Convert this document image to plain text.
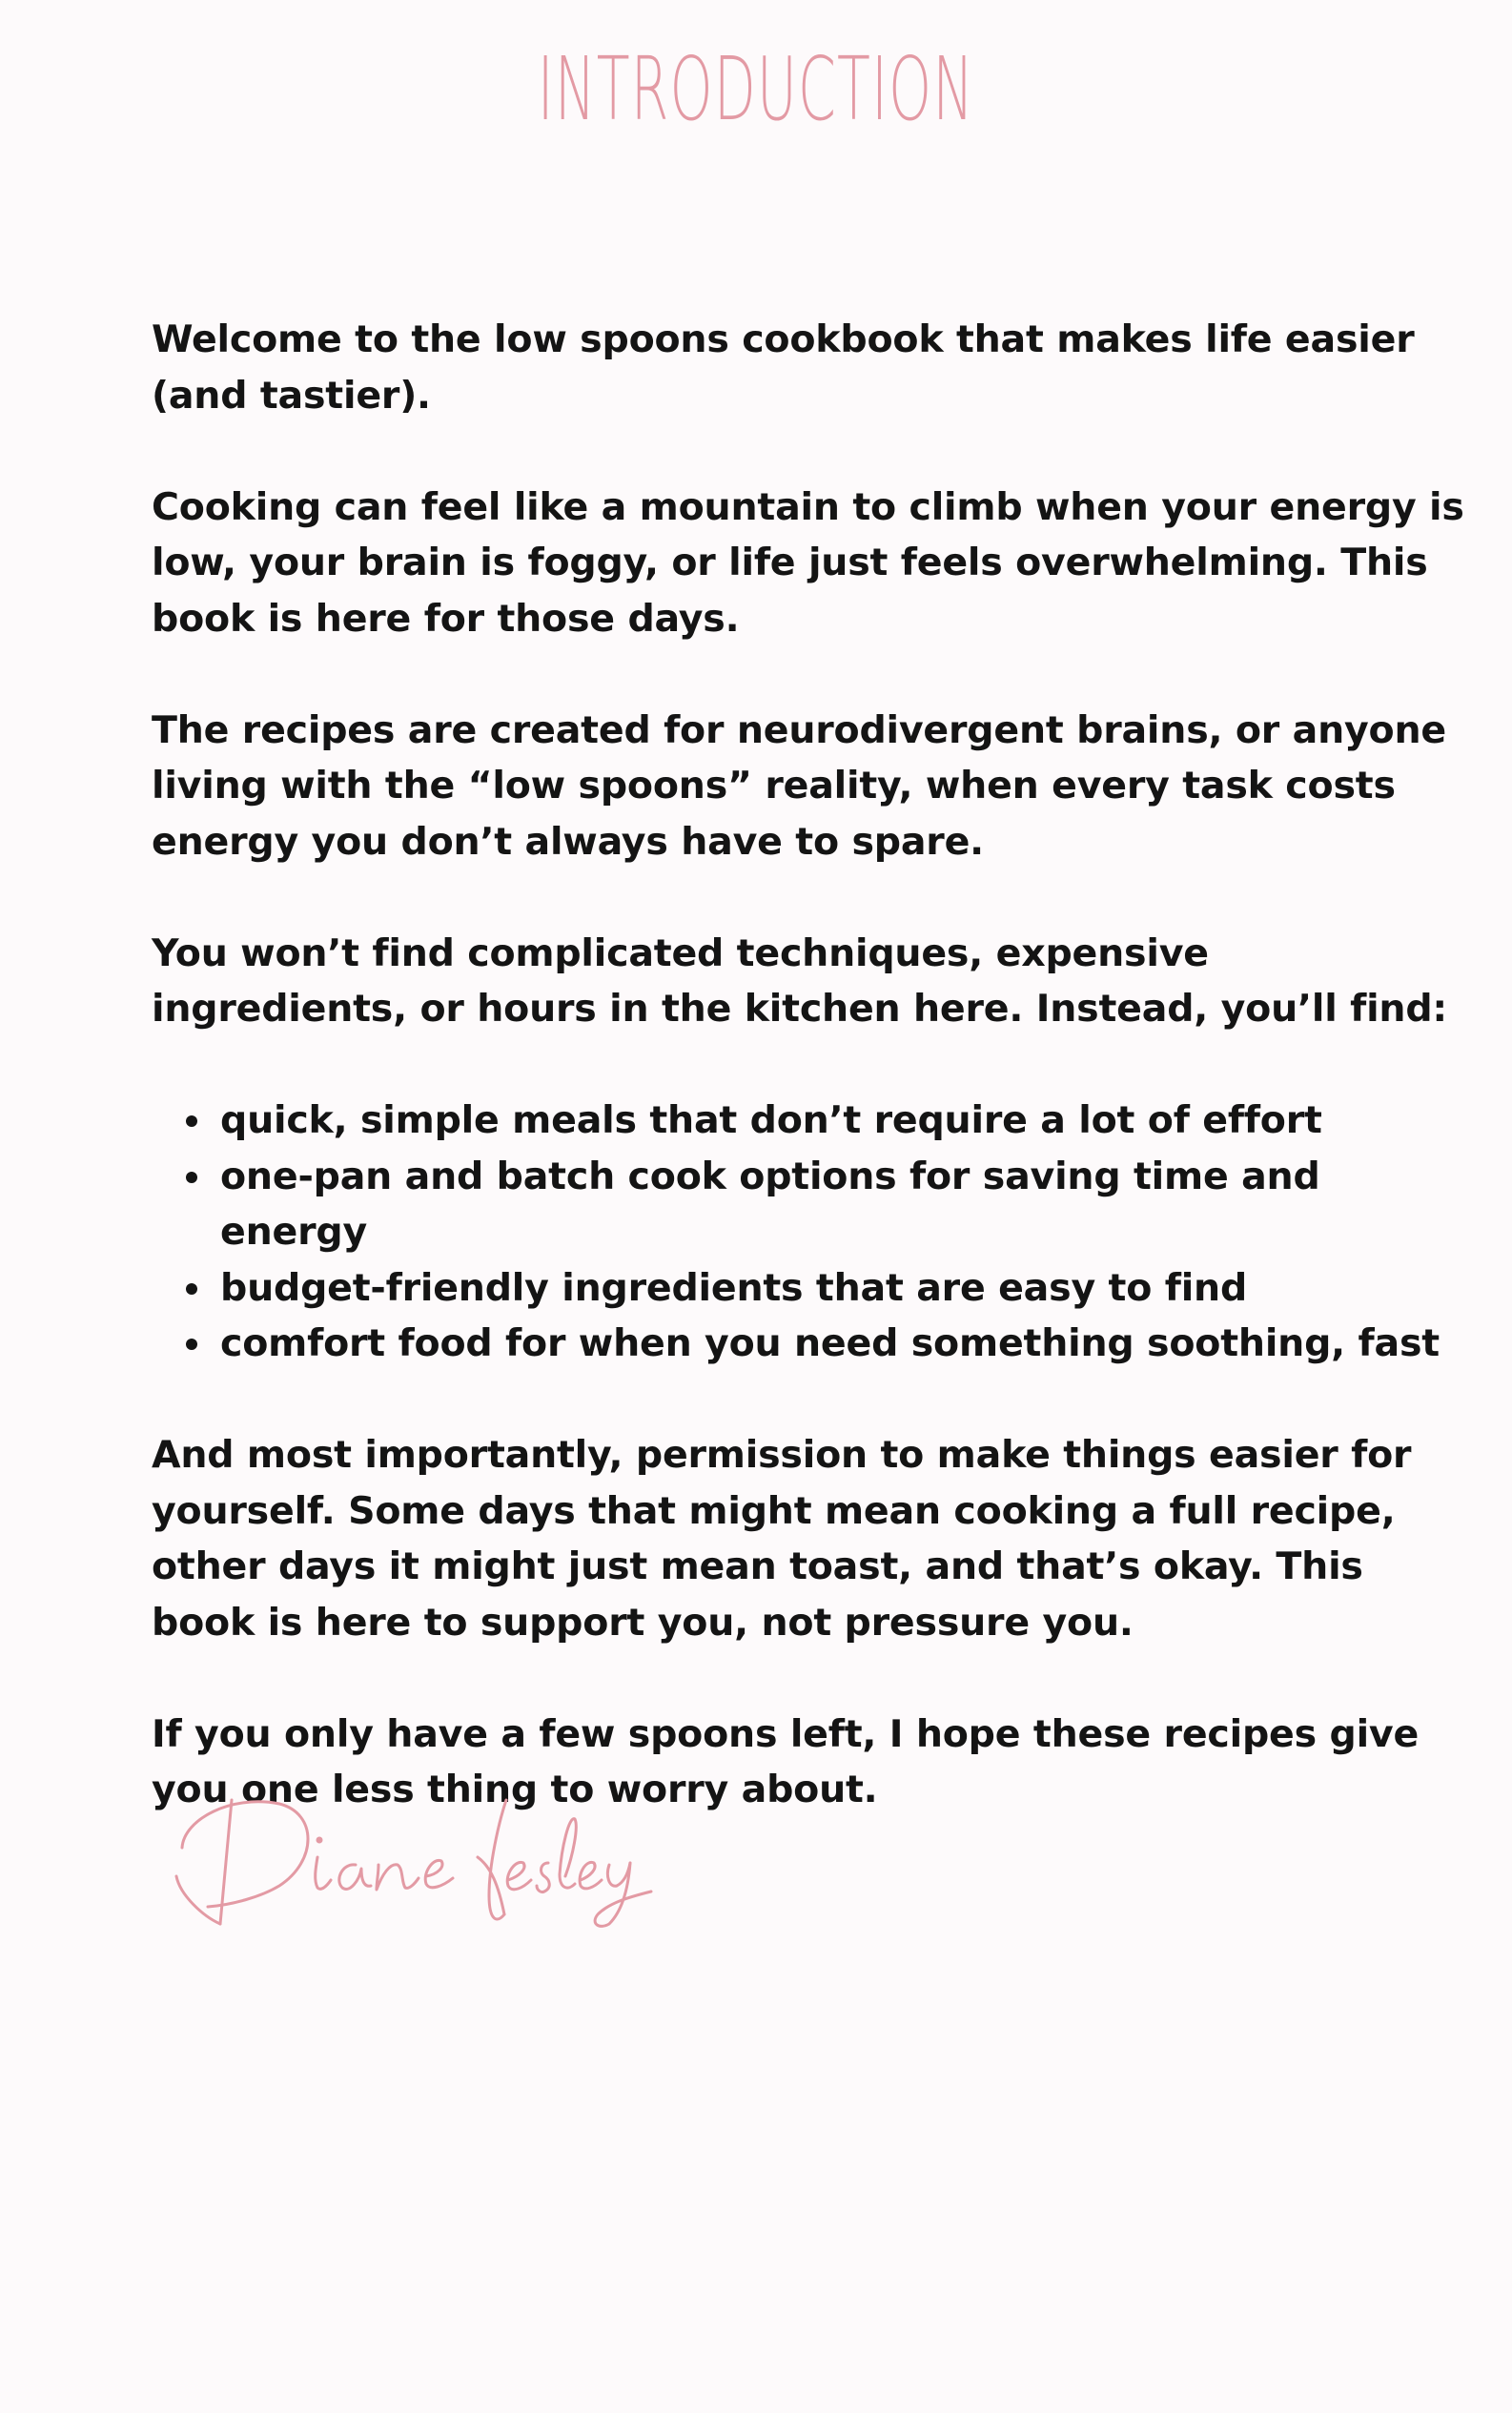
INTRODUCTION

Welcome to the low spoons cookbook that makes life easier (and tastier).

Cooking can feel like a mountain to climb when your energy is low, your brain is foggy, or life just feels overwhelming. This book is here for those days.

The recipes are created for neurodivergent brains, or anyone living with the “low spoons” reality, when every task costs energy you don’t always have to spare.

You won’t find complicated techniques, expensive ingredients, or hours in the kitchen here. Instead, you’ll find:

quick, simple meals that don’t require a lot of effort
one-pan and batch cook options for saving time and energy
budget-friendly ingredients that are easy to find
comfort food for when you need something soothing, fast

And most importantly, permission to make things easier for yourself. Some days that might mean cooking a full recipe, other days it might just mean toast, and that’s okay. This book is here to support you, not pressure you.

If you only have a few spoons left, I hope these recipes give you one less thing to worry about.
